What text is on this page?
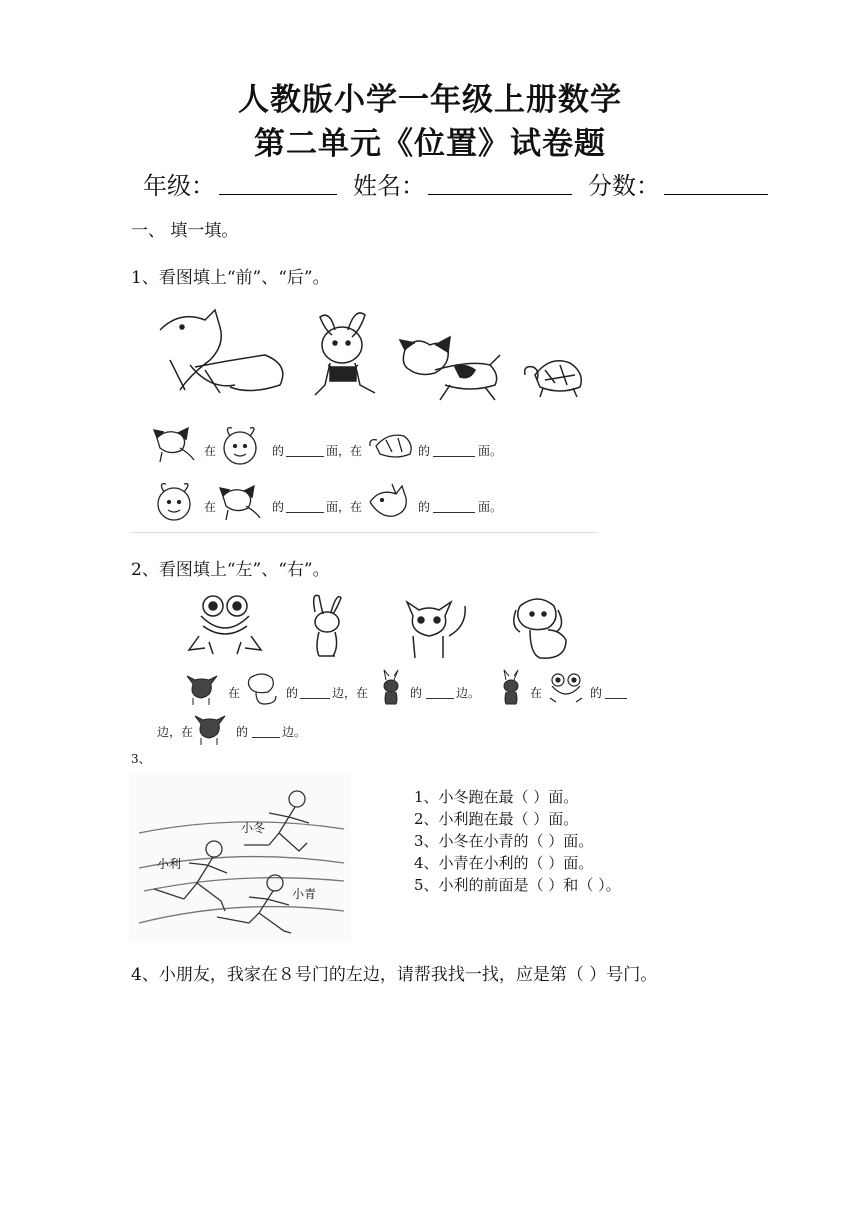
人教版小学一年级上册数学
第二单元《位置》试卷题
年级：	姓名：	分数：
一、 填一填。
1、看图填上“前”、“后”。
在	的	面，在	的	面。
在	的	面，在	的	面。
2、看图填上“左”、“右”。
在	的	边，在	的	边。	在	的
边，在	的	边。
3、
小冬
小利
小青
1、小冬跑在最（ ）面。
2、小利跑在最（ ）面。
3、小冬在小青的（ ）面。
4、小青在小利的（ ）面。
5、小利的前面是（ ）和（ ）。
4、小朋友，我家在８号门的左边，请帮我找一找，应是第（ ）号门。
